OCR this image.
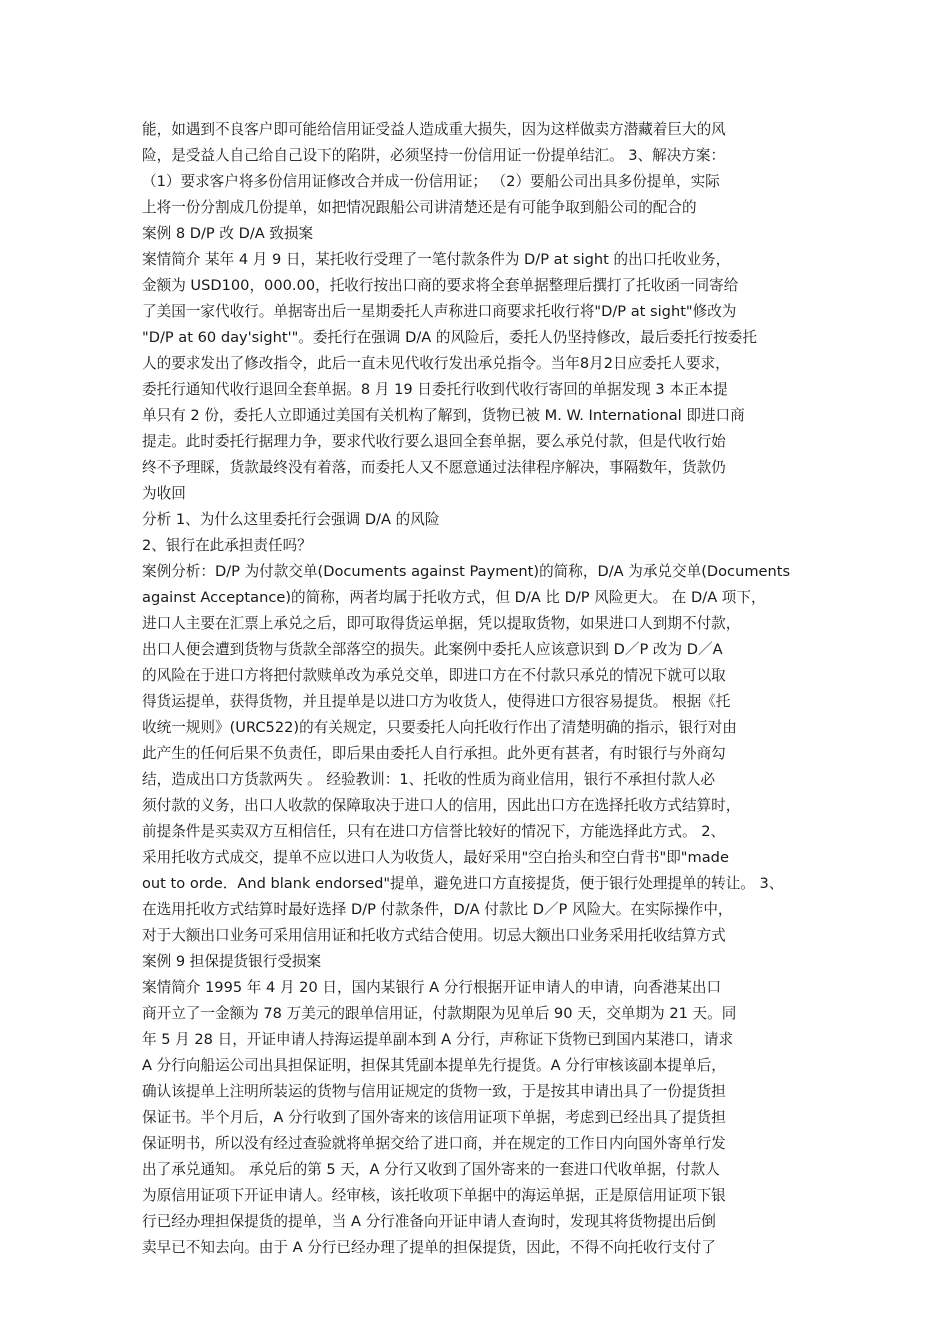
能，如遇到不良客户即可能给信用证受益人造成重大损失，因为这样做卖方潜藏着巨大的风
险，是受益人自己给自己设下的陷阱，必须坚持一份信用证一份提单结汇。 3、解决方案：
（1）要求客户将多份信用证修改合并成一份信用证； （2）要船公司出具多份提单，实际
上将一份分割成几份提单，如把情况跟船公司讲清楚还是有可能争取到船公司的配合的
案例 8 D/P 改 D/A 致损案
案情简介 某年 4 月 9 日，某托收行受理了一笔付款条件为 D/P at sight 的出口托收业务，
金额为 USD100，000.00，托收行按出口商的要求将全套单据整理后撰打了托收函一同寄给
了美国一家代收行。单据寄出后一星期委托人声称进口商要求托收行将"D/P at sight"修改为
"D/P at 60 day'sight'"。委托行在强调 D/A 的风险后，委托人仍坚持修改，最后委托行按委托
人的要求发出了修改指令，此后一直未见代收行发出承兑指令。当年8月2日应委托人要求，
委托行通知代收行退回全套单据。8 月 19 日委托行收到代收行寄回的单据发现 3 本正本提
单只有 2 份，委托人立即通过美国有关机构了解到，货物已被 M. W. International 即进口商
提走。此时委托行据理力争，要求代收行要么退回全套单据，要么承兑付款，但是代收行始
终不予理睬，货款最终没有着落，而委托人又不愿意通过法律程序解决，事隔数年，货款仍
为收回
分析 1、为什么这里委托行会强调 D/A 的风险
2、银行在此承担责任吗？
案例分析：D/P 为付款交单(Documents against Payment)的简称，D/A 为承兑交单(Documents
against Acceptance)的简称，两者均属于托收方式，但 D/A 比 D/P 风险更大。 在 D/A 项下，
进口人主要在汇票上承兑之后，即可取得货运单据，凭以提取货物，如果进口人到期不付款，
出口人便会遭到货物与货款全部落空的损失。此案例中委托人应该意识到 D／P 改为 D／A
的风险在于进口方将把付款赎单改为承兑交单，即进口方在不付款只承兑的情况下就可以取
得货运提单，获得货物，并且提单是以进口方为收货人，使得进口方很容易提货。 根据《托
收统一规则》(URC522)的有关规定，只要委托人向托收行作出了清楚明确的指示，银行对由
此产生的任何后果不负责任，即后果由委托人自行承担。此外更有甚者，有时银行与外商勾
结，造成出口方货款两失 。 经验教训：1、托收的性质为商业信用，银行不承担付款人必
须付款的义务，出口人收款的保障取决于进口人的信用，因此出口方在选择托收方式结算时，
前提条件是买卖双方互相信任，只有在进口方信誉比较好的情况下，方能选择此方式。 2、
采用托收方式成交，提单不应以进口人为收货人，最好采用"空白抬头和空白背书"即"made
out to orde．And blank endorsed"提单，避免进口方直接提货，便于银行处理提单的转让。 3、
在选用托收方式结算时最好选择 D/P 付款条件，D/A 付款比 D／P 风险大。在实际操作中，
对于大额出口业务可采用信用证和托收方式结合使用。切忌大额出口业务采用托收结算方式
案例 9 担保提货银行受损案
案情简介 1995 年 4 月 20 日，国内某银行 A 分行根据开证申请人的申请，向香港某出口
商开立了一金额为 78 万美元的跟单信用证，付款期限为见单后 90 天，交单期为 21 天。同
年 5 月 28 日，开证申请人持海运提单副本到 A 分行，声称证下货物已到国内某港口，请求
A 分行向船运公司出具担保证明，担保其凭副本提单先行提货。A 分行审核该副本提单后，
确认该提单上注明所装运的货物与信用证规定的货物一致，于是按其申请出具了一份提货担
保证书。半个月后，A 分行收到了国外寄来的该信用证项下单据，考虑到已经出具了提货担
保证明书，所以没有经过查验就将单据交给了进口商，并在规定的工作日内向国外寄单行发
出了承兑通知。 承兑后的第 5 天，A 分行又收到了国外寄来的一套进口代收单据，付款人
为原信用证项下开证申请人。经审核，该托收项下单据中的海运单据，正是原信用证项下银
行已经办理担保提货的提单，当 A 分行准备向开证申请人查询时，发现其将货物提出后倒
卖早已不知去向。由于 A 分行已经办理了提单的担保提货，因此，不得不向托收行支付了
